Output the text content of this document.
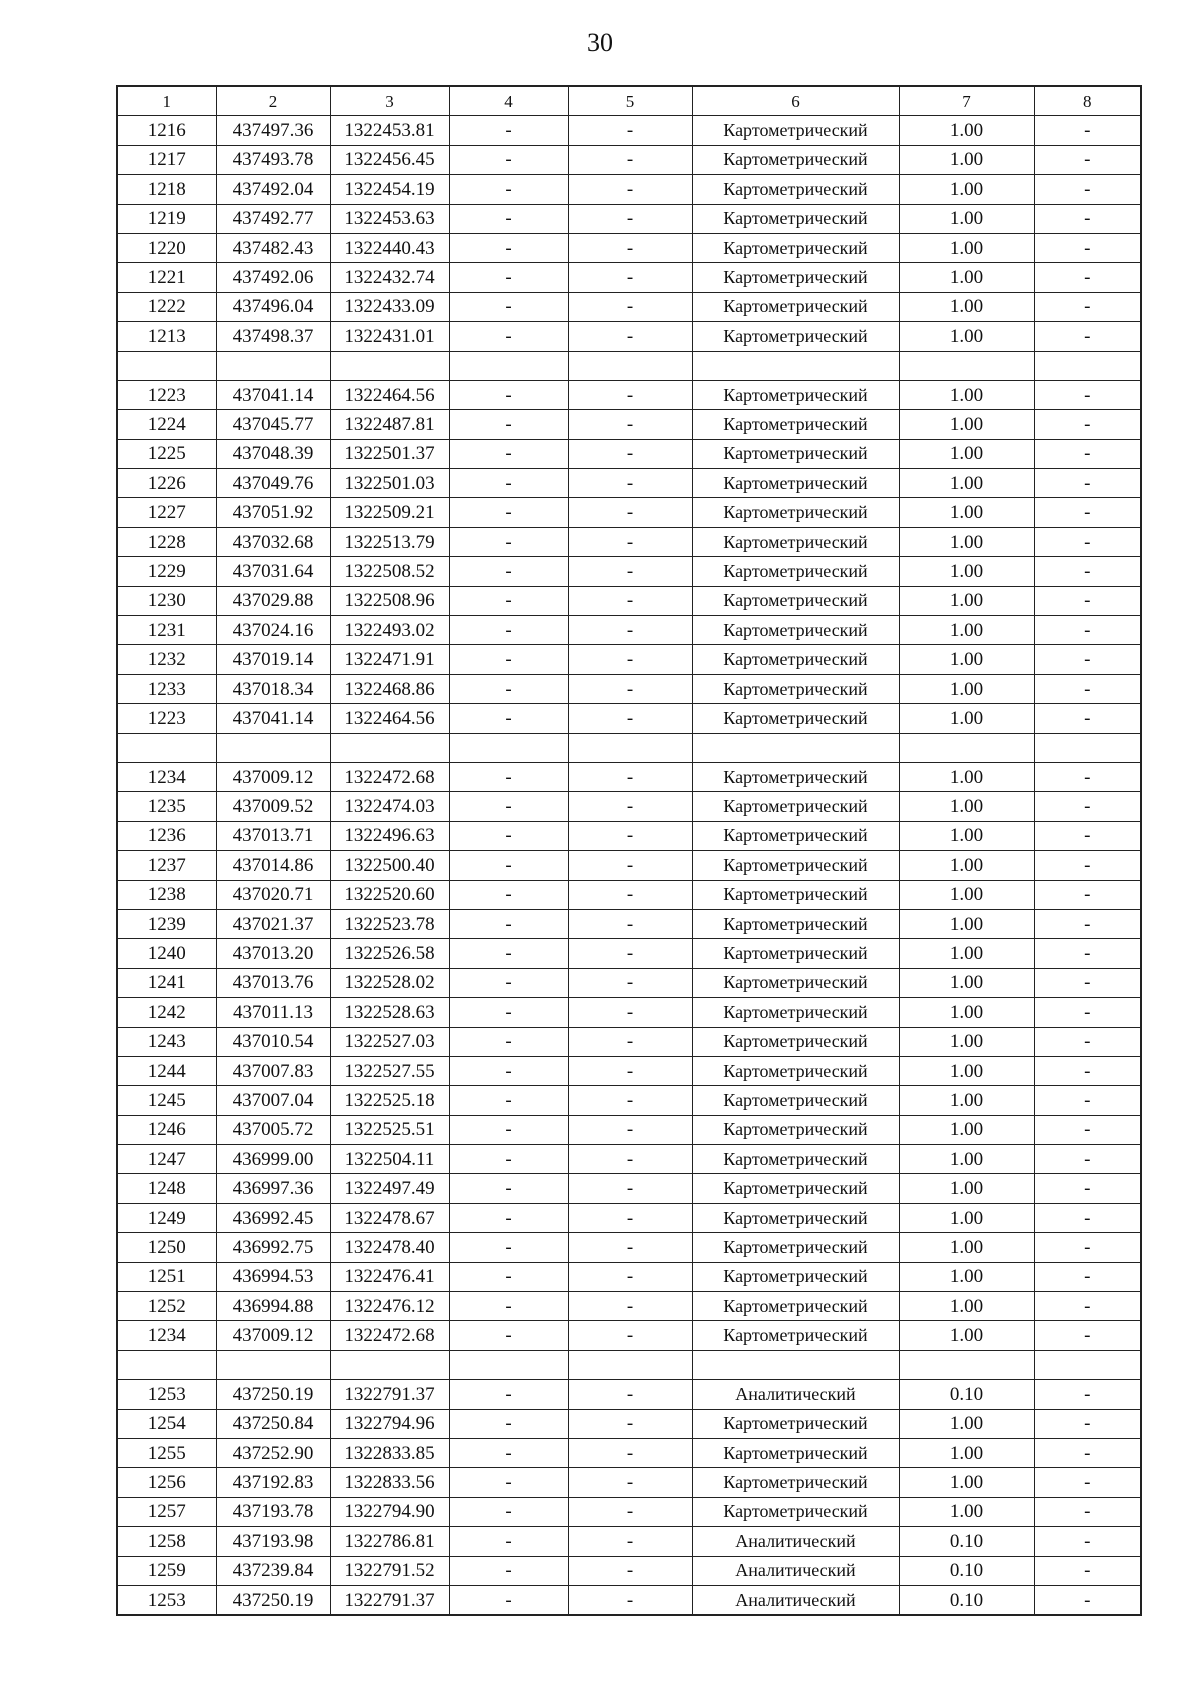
30
1	2	3	4	5	6	7	8
1216	437497.36	1322453.81	-	-	Картометрический	1.00	-
1217	437493.78	1322456.45	-	-	Картометрический	1.00	-
1218	437492.04	1322454.19	-	-	Картометрический	1.00	-
1219	437492.77	1322453.63	-	-	Картометрический	1.00	-
1220	437482.43	1322440.43	-	-	Картометрический	1.00	-
1221	437492.06	1322432.74	-	-	Картометрический	1.00	-
1222	437496.04	1322433.09	-	-	Картометрический	1.00	-
1213	437498.37	1322431.01	-	-	Картометрический	1.00	-

1223	437041.14	1322464.56	-	-	Картометрический	1.00	-
1224	437045.77	1322487.81	-	-	Картометрический	1.00	-
1225	437048.39	1322501.37	-	-	Картометрический	1.00	-
1226	437049.76	1322501.03	-	-	Картометрический	1.00	-
1227	437051.92	1322509.21	-	-	Картометрический	1.00	-
1228	437032.68	1322513.79	-	-	Картометрический	1.00	-
1229	437031.64	1322508.52	-	-	Картометрический	1.00	-
1230	437029.88	1322508.96	-	-	Картометрический	1.00	-
1231	437024.16	1322493.02	-	-	Картометрический	1.00	-
1232	437019.14	1322471.91	-	-	Картометрический	1.00	-
1233	437018.34	1322468.86	-	-	Картометрический	1.00	-
1223	437041.14	1322464.56	-	-	Картометрический	1.00	-

1234	437009.12	1322472.68	-	-	Картометрический	1.00	-
1235	437009.52	1322474.03	-	-	Картометрический	1.00	-
1236	437013.71	1322496.63	-	-	Картометрический	1.00	-
1237	437014.86	1322500.40	-	-	Картометрический	1.00	-
1238	437020.71	1322520.60	-	-	Картометрический	1.00	-
1239	437021.37	1322523.78	-	-	Картометрический	1.00	-
1240	437013.20	1322526.58	-	-	Картометрический	1.00	-
1241	437013.76	1322528.02	-	-	Картометрический	1.00	-
1242	437011.13	1322528.63	-	-	Картометрический	1.00	-
1243	437010.54	1322527.03	-	-	Картометрический	1.00	-
1244	437007.83	1322527.55	-	-	Картометрический	1.00	-
1245	437007.04	1322525.18	-	-	Картометрический	1.00	-
1246	437005.72	1322525.51	-	-	Картометрический	1.00	-
1247	436999.00	1322504.11	-	-	Картометрический	1.00	-
1248	436997.36	1322497.49	-	-	Картометрический	1.00	-
1249	436992.45	1322478.67	-	-	Картометрический	1.00	-
1250	436992.75	1322478.40	-	-	Картометрический	1.00	-
1251	436994.53	1322476.41	-	-	Картометрический	1.00	-
1252	436994.88	1322476.12	-	-	Картометрический	1.00	-
1234	437009.12	1322472.68	-	-	Картометрический	1.00	-

1253	437250.19	1322791.37	-	-	Аналитический	0.10	-
1254	437250.84	1322794.96	-	-	Картометрический	1.00	-
1255	437252.90	1322833.85	-	-	Картометрический	1.00	-
1256	437192.83	1322833.56	-	-	Картометрический	1.00	-
1257	437193.78	1322794.90	-	-	Картометрический	1.00	-
1258	437193.98	1322786.81	-	-	Аналитический	0.10	-
1259	437239.84	1322791.52	-	-	Аналитический	0.10	-
1253	437250.19	1322791.37	-	-	Аналитический	0.10	-
